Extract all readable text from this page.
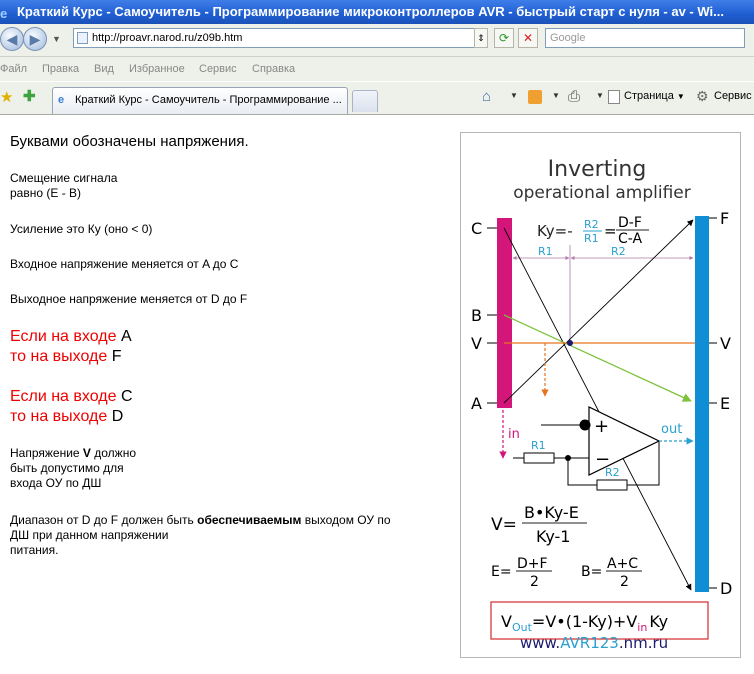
e Краткий Курс - Самоучитель - Программирование микроконтроллеров AVR - быстрый старт с нуля - av - Wi...
◀ ▶	▼	http://proavr.narod.ru/z09b.htm	⇕	⟳	✕	Google
Файл Правка Вид Избранное Сервис Справка
★ ✚ e Краткий Курс - Самоучитель - Программирование ...	⌂ ▼	▼ ⎙ ▼ Страница ▼ ⚙ Сервис
Буквами обозначены напряжения.
Смещение сигнала
равно (E - B)
Усиление это Ку (оно < 0)
Входное напряжение меняется от A до C
Выходное напряжение меняется от D до F
Если на входе A
то на выходе F
Если на входе C
то на выходе D
Напряжение V должно
быть допустимо для
входа ОУ по ДШ
Диапазон от D до F должен быть обеспечиваемым выходом ОУ по
ДШ при данном напряжении
питания.
Inverting
operational amplifier
C
B
V
A
F
V
E
D
Ky=- R2
R1 = D-F
C-A
R1	R2
in	+
−
R1
R2
out
V=
B•Ky-E
Ky-1
E= D+F
2
B= A+C
2
$V_{Out}=V•(1-Ky)+V_{in}$ Ky
www.AVR123.nm.ru
